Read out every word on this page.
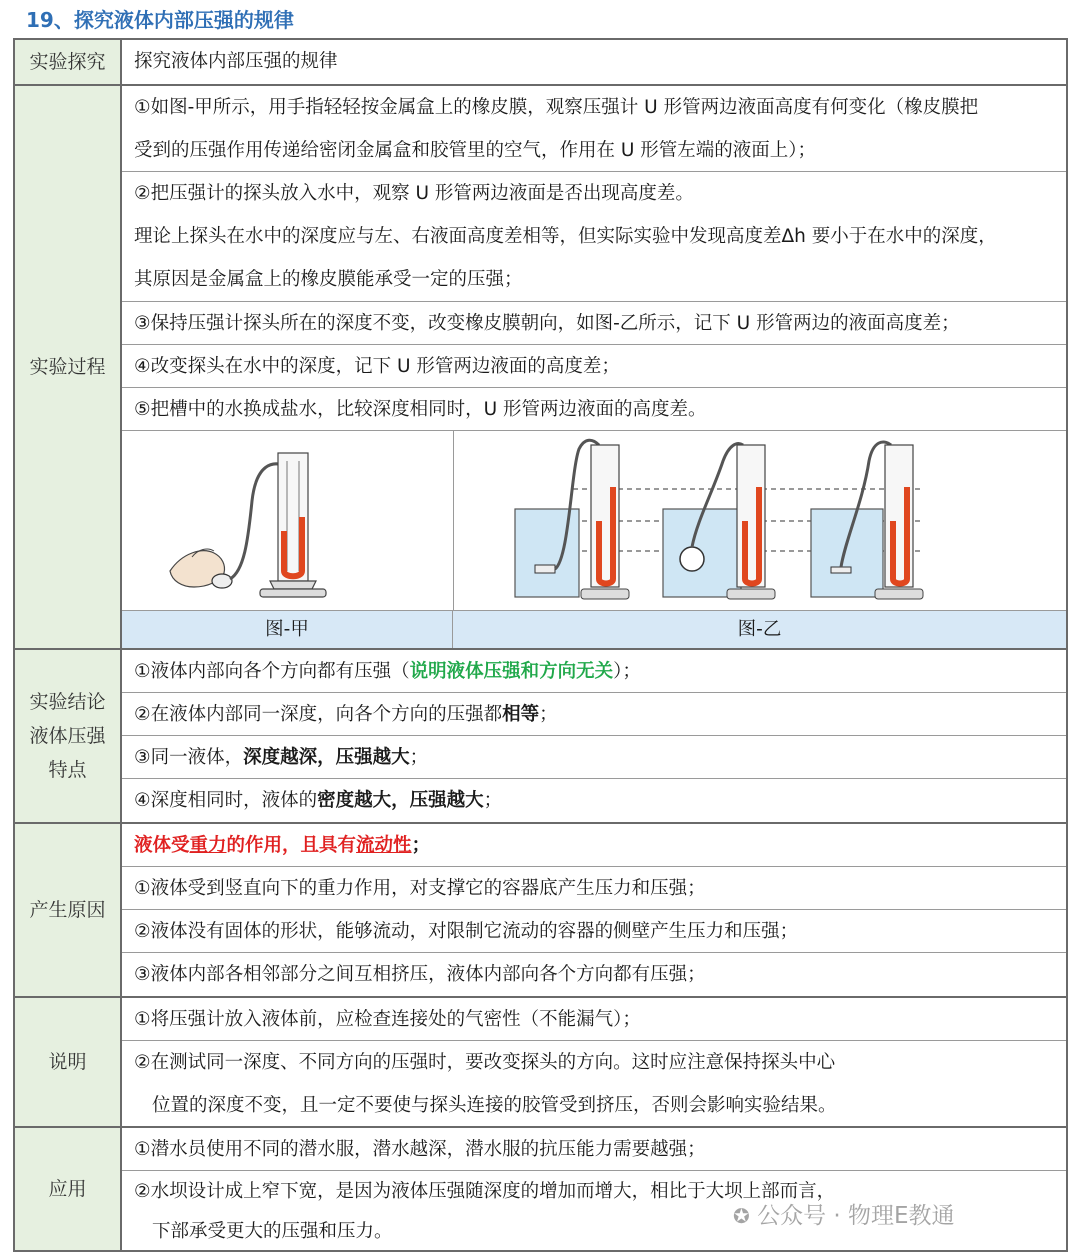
19、探究液体内部压强的规律
实验探究	探究液体内部压强的规律
实验过程
①如图-甲所示，用手指轻轻按金属盒上的橡皮膜，观察压强计 U 形管两边液面高度有何变化（橡皮膜把
受到的压强作用传递给密闭金属盒和胶管里的空气，作用在 U 形管左端的液面上）；
②把压强计的探头放入水中，观察 U 形管两边液面是否出现高度差。
理论上探头在水中的深度应与左、右液面高度差相等，但实际实验中发现高度差Δh 要小于在水中的深度，
其原因是金属盒上的橡皮膜能承受一定的压强；
③保持压强计探头所在的深度不变，改变橡皮膜朝向，如图-乙所示，记下 U 形管两边的液面高度差；
④改变探头在水中的深度，记下 U 形管两边液面的高度差；
⑤把槽中的水换成盐水，比较深度相同时，U 形管两边液面的高度差。
图-甲	图-乙
实验结论
液体压强
特点
①液体内部向各个方向都有压强（说明液体压强和方向无关）；
②在液体内部同一深度，向各个方向的压强都相等；
③同一液体，深度越深，压强越大；
④深度相同时，液体的密度越大，压强越大；
产生原因
液体受重力的作用，且具有流动性；
①液体受到竖直向下的重力作用，对支撑它的容器底产生压力和压强；
②液体没有固体的形状，能够流动，对限制它流动的容器的侧壁产生压力和压强；
③液体内部各相邻部分之间互相挤压，液体内部向各个方向都有压强；
说明
①将压强计放入液体前，应检查连接处的气密性（不能漏气）；
②在测试同一深度、不同方向的压强时，要改变探头的方向。这时应注意保持探头中心
位置的深度不变，且一定不要使与探头连接的胶管受到挤压，否则会影响实验结果。
应用
①潜水员使用不同的潜水服，潜水越深，潜水服的抗压能力需要越强；
②水坝设计成上窄下宽，是因为液体压强随深度的增加而增大，相比于大坝上部而言，
下部承受更大的压强和压力。
✪ 公众号 · 物理E教通
